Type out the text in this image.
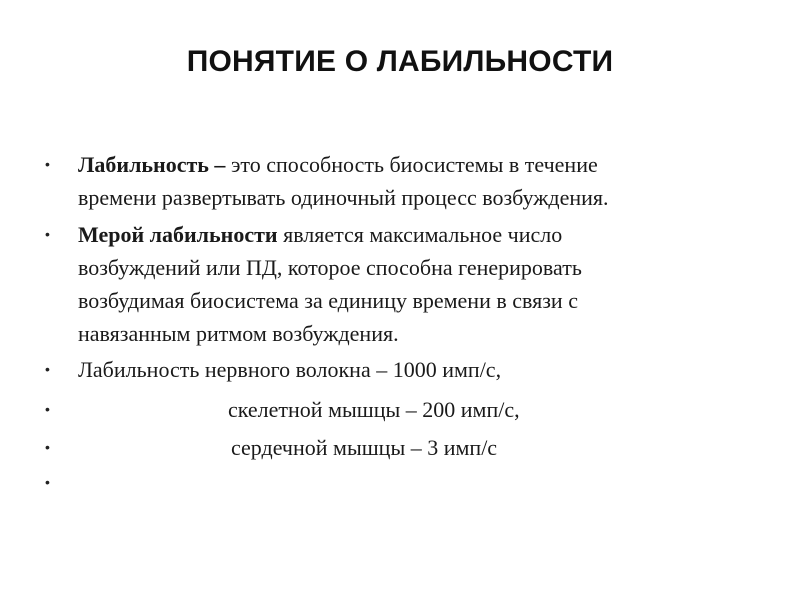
ПОНЯТИЕ О ЛАБИЛЬНОСТИ
•	Лабильность – это способность биосистемы в течение
времени развертывать одиночный процесс возбуждения.
•	Мерой лабильности является максимальное число
возбуждений или ПД, которое способна генерировать
возбудимая биосистема за единицу времени в связи с
навязанным ритмом возбуждения.
•	Лабильность нервного волокна – 1000 имп/с,
•	скелетной мышцы – 200 имп/с,
•	сердечной мышцы – 3 имп/с
•
